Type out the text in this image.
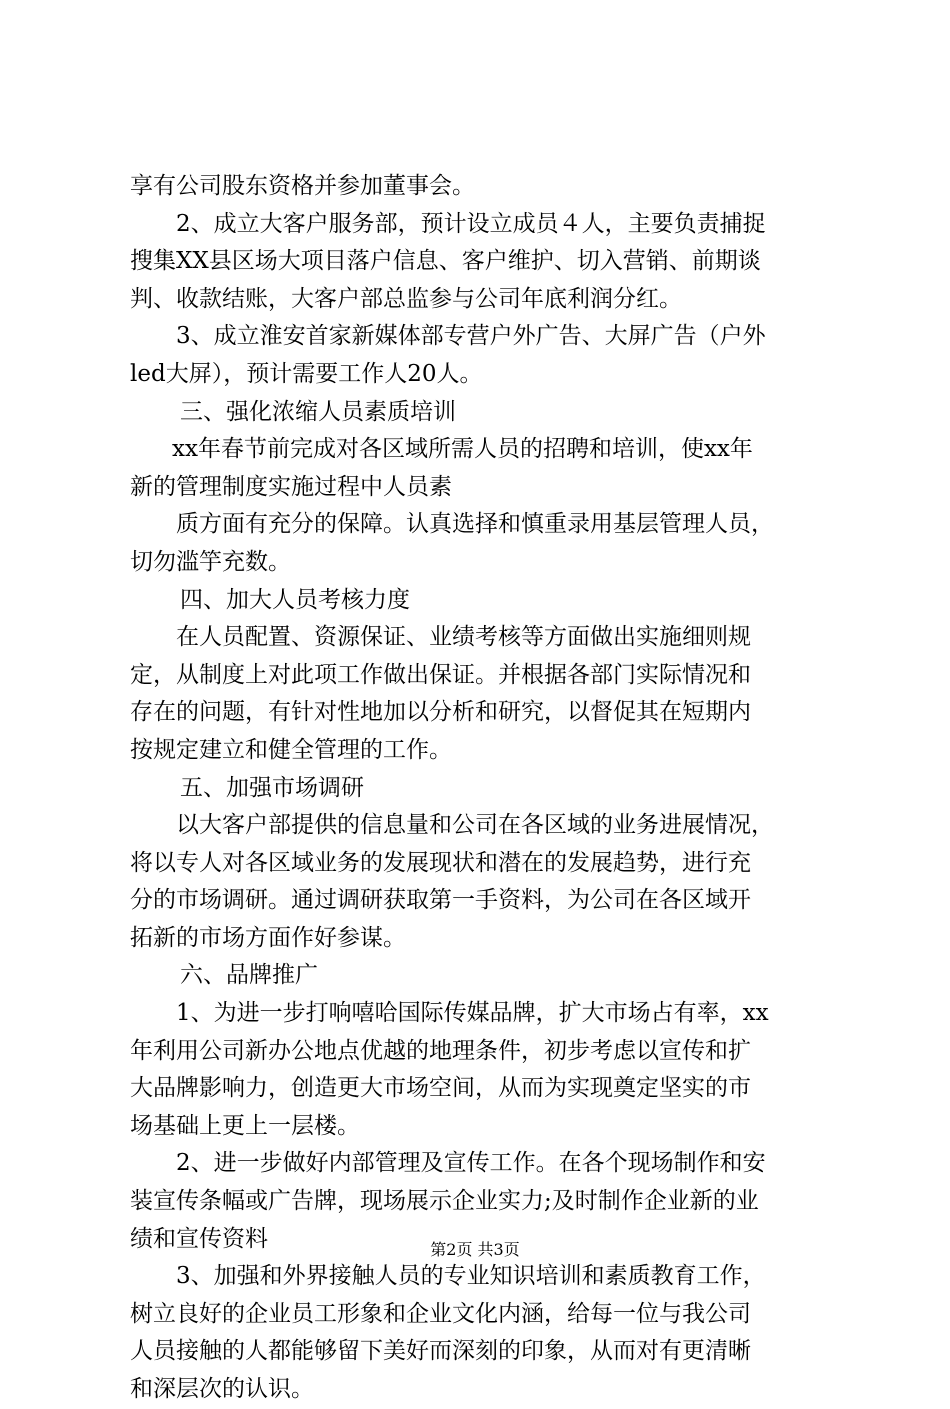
享有公司股东资格并参加董事会。
2、成立大客户服务部，预计设立成员４人，主要负责捕捉
搜集XX县区场大项目落户信息、客户维护、切入营销、前期谈
判、收款结账，大客户部总监参与公司年底利润分红。
3、成立淮安首家新媒体部专营户外广告、大屏广告（户外
led大屏），预计需要工作人20人。
三、强化浓缩人员素质培训
xx年春节前完成对各区域所需人员的招聘和培训，使xx年
新的管理制度实施过程中人员素
质方面有充分的保障。认真选择和慎重录用基层管理人员，
切勿滥竽充数。
四、加大人员考核力度
在人员配置、资源保证、业绩考核等方面做出实施细则规
定，从制度上对此项工作做出保证。并根据各部门实际情况和
存在的问题，有针对性地加以分析和研究，以督促其在短期内
按规定建立和健全管理的工作。
五、加强市场调研
以大客户部提供的信息量和公司在各区域的业务进展情况，
将以专人对各区域业务的发展现状和潜在的发展趋势，进行充
分的市场调研。通过调研获取第一手资料，为公司在各区域开
拓新的市场方面作好参谋。
六、品牌推广
1、为进一步打响嘻哈国际传媒品牌，扩大市场占有率，xx
年利用公司新办公地点优越的地理条件，初步考虑以宣传和扩
大品牌影响力，创造更大市场空间，从而为实现奠定坚实的市
场基础上更上一层楼。
2、进一步做好内部管理及宣传工作。在各个现场制作和安
装宣传条幅或广告牌，现场展示企业实力;及时制作企业新的业
绩和宣传资料
3、加强和外界接触人员的专业知识培训和素质教育工作，
树立良好的企业员工形象和企业文化内涵，给每一位与我公司
人员接触的人都能够留下美好而深刻的印象，从而对有更清晰
和深层次的认识。
第2页 共3页
